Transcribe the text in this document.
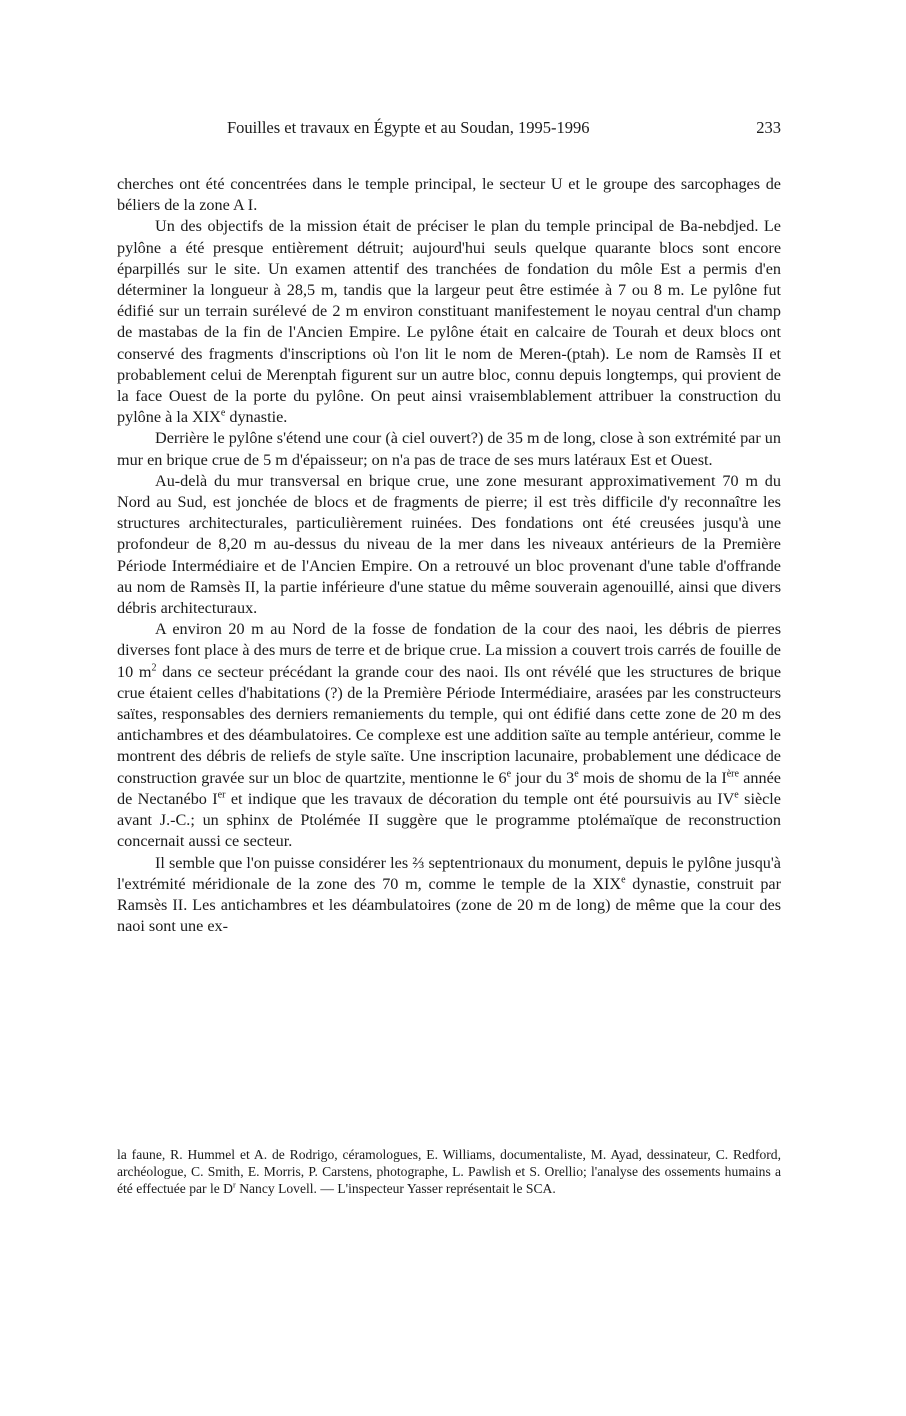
Fouilles et travaux en Égypte et au Soudan, 1995-1996	233

cherches ont été concentrées dans le temple principal, le secteur U et le groupe des sarcophages de béliers de la zone A I.

Un des objectifs de la mission était de préciser le plan du temple principal de Ba-nebdjed. Le pylône a été presque entièrement détruit; aujourd'hui seuls quelque quarante blocs sont encore éparpillés sur le site. Un examen attentif des tranchées de fondation du môle Est a permis d'en déterminer la longueur à 28,5 m, tandis que la largeur peut être estimée à 7 ou 8 m. Le pylône fut édifié sur un terrain surélevé de 2 m environ constituant manifestement le noyau central d'un champ de mastabas de la fin de l'Ancien Empire. Le pylône était en calcaire de Tourah et deux blocs ont conservé des fragments d'inscriptions où l'on lit le nom de Meren-(ptah). Le nom de Ramsès II et probablement celui de Merenptah figurent sur un autre bloc, connu depuis longtemps, qui provient de la face Ouest de la porte du pylône. On peut ainsi vraisemblablement attribuer la construction du pylône à la XIXe dynastie.

Derrière le pylône s'étend une cour (à ciel ouvert?) de 35 m de long, close à son extrémité par un mur en brique crue de 5 m d'épaisseur; on n'a pas de trace de ses murs latéraux Est et Ouest.

Au-delà du mur transversal en brique crue, une zone mesurant approximativement 70 m du Nord au Sud, est jonchée de blocs et de fragments de pierre; il est très difficile d'y reconnaître les structures architecturales, particulièrement ruinées. Des fondations ont été creusées jusqu'à une profondeur de 8,20 m au-dessus du niveau de la mer dans les niveaux antérieurs de la Première Période Intermédiaire et de l'Ancien Empire. On a retrouvé un bloc provenant d'une table d'offrande au nom de Ramsès II, la partie inférieure d'une statue du même souverain agenouillé, ainsi que divers débris architecturaux.

A environ 20 m au Nord de la fosse de fondation de la cour des naoi, les débris de pierres diverses font place à des murs de terre et de brique crue. La mission a couvert trois carrés de fouille de 10 $m^2$ dans ce secteur précédant la grande cour des naoi. Ils ont révélé que les structures de brique crue étaient celles d'habitations (?) de la Première Période Intermédiaire, arasées par les constructeurs saïtes, responsables des derniers remaniements du temple, qui ont édifié dans cette zone de 20 m des antichambres et des déambulatoires. Ce complexe est une addition saïte au temple antérieur, comme le montrent des débris de reliefs de style saïte. Une inscription lacunaire, probablement une dédicace de construction gravée sur un bloc de quartzite, mentionne le 6e jour du 3e mois de shomu de la Ière année de Nectanébo Ier et indique que les travaux de décoration du temple ont été poursuivis au IVe siècle avant J.-C.; un sphinx de Ptolémée II suggère que le programme ptolémaïque de reconstruction concernait aussi ce secteur.

Il semble que l'on puisse considérer les ⅔ septentrionaux du monument, depuis le pylône jusqu'à l'extrémité méridionale de la zone des 70 m, comme le temple de la XIXe dynastie, construit par Ramsès II. Les antichambres et les déambulatoires (zone de 20 m de long) de même que la cour des naoi sont une ex-

la faune, R. Hummel et A. de Rodrigo, céramologues, E. Williams, documentaliste, M. Ayad, dessinateur, C. Redford, archéologue, C. Smith, E. Morris, P. Carstens, photographe, L. Pawlish et S. Orellio; l'analyse des ossements humains a été effectuée par le $D^r$ Nancy Lovell. — L'inspecteur Yasser représentait le SCA.
